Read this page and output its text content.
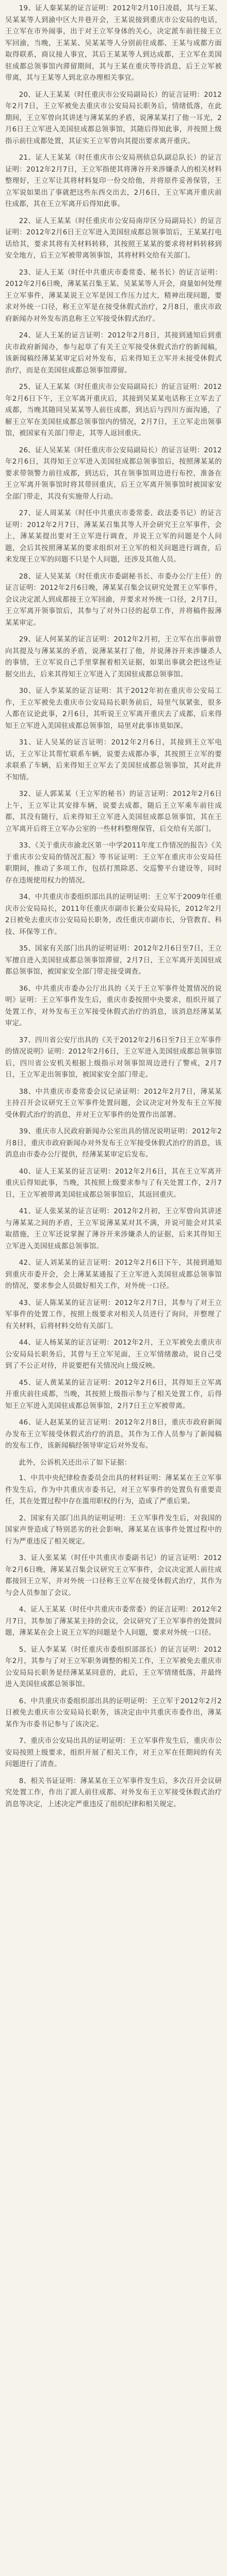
19、证人秦某某的证言证明：2012年2月10日凌晨，其与王某、吴某某等人到渝中区大井巷开会，王某说接到重庆市公安局的电话，王立军在市外闹事，出于对王立军身体的关心，决定派车前往接王立军回渝，当晚，王某某、吴某某等人分别前往成都、王某与成都方面取得联系，商议接人事宜，其后王某某等人到达成都，王立军在美国驻成都总领事馆内滞留期间，其与王某在重庆等待消息，后王立军被带离，其与王某等人到北京办理相关事宜。

20、证人王某某（时任重庆市公安局副局长）的证言证明：2012年2月7日，王立军被免去重庆市公安局局长职务后，情绪低落，在此期间，王立军曾向其讲述与薄某某的矛盾，说薄某某打了他一耳光，2月6日王立军进入美国驻成都总领事馆，其随后得知此事，并按照上级指示前往成都处置，其证实王立军曾向其提出要求离开重庆。

21、证人王某某（时任重庆市公安局刑侦总队副总队长）的证言证明：2012年2月7日，王立军指使其将薄谷开来涉嫌杀人的相关材料整理好，王立军让其将材料复印一份交给他，并将原件妥善保管，王立军说如果出了事就把这些东西交出去，2月6日，王立军离开重庆前往成都，其在王立军离开后得知此事。

22、证人王某某（时任重庆市公安局南岸区分局副局长）的证言证明：2012年2月6日王立军进入美国驻成都总领事馆后，王某某打电话给其，要求其将有关材料转移，其按照王某某的要求将材料转移到安全地方，后王立军被带离领事馆，其将材料交给有关部门。

23、证人王某（时任中共重庆市委常委、秘书长）的证言证明：2012年2月6日晚，薄某某召集王某、吴某某等人开会，商量如何处理王立军事件，薄某某说王立军是因工作压力过大，精神出现问题，要求对外统一口径，称王立军是在接受休假式治疗，2月8日，重庆市政府新闻办对外发布消息称王立军接受休假式治疗。

24、证人王某的证言证明：2012年2月8日，其接到通知后到重庆市政府新闻办，参与起草了有关王立军接受休假式治疗的新闻稿，该新闻稿经薄某某审定后对外发布，后来得知王立军并未接受休假式治疗，而是在美国驻成都总领事馆滞留。

25、证人王某某（时任重庆市公安局副局长）的证言证明：2012年2月6日下午，王立军离开重庆后，其接到吴某某电话称王立军去了成都，当晚其随同吴某某等人前往成都，到达后与四川方面沟通，了解王立军在美国驻成都总领事馆内的情况，2月7日，王立军走出领事馆，被国家有关部门带走，其等人返回重庆。

26、证人吴某某（时任重庆市公安局副局长）的证言证明：2012年2月6日，其得知王立军进入美国驻成都总领事馆后，按照薄某某的要求带领警力前往成都，到达后，其在领事馆周边进行布控，准备在王立军离开领事馆时将其带回重庆，后王立军离开领事馆时被国家安全部门带走，其没有实施带人行动。

27、证人周某某（时任中共重庆市委常委、政法委书记）的证言证明：2012年2月7日，薄某某召集其等人开会研究王立军事件，会上，薄某某提出要对王立军进行调查，并说王立军的问题是个人问题，会后其按照薄某某的要求组织对王立军的相关问题进行调查，后来发现王立军的问题不只是个人问题，还涉及其他人员。

28、证人吴某某（时任重庆市委副秘书长、市委办公厅主任）的证言证明：2012年2月6日晚，薄某某召集会议研究处置王立军事件，会议决定派人到成都接王立军回渝，并要求对外统一口径，2月7日，王立军离开领事馆后，其参与了对外口径的起草工作，并将稿件报薄某某审定。

29、证人何某某的证言证明：2012年2月初，王立军在出事前曾向其提及与薄某某的矛盾，说薄某某打了他，并说薄谷开来涉嫌杀人的事情，王立军说自己手里掌握着相关证据，如果出事就会把这些证据交出去，后来其得知王立军进入了美国驻成都总领事馆。

30、证人李某某的证言证明：其于2012年初在重庆市公安局工作，王立军被免去重庆市公安局局长职务前后，局里气氛紧张，很多人都在议论此事，2月6日，其听说王立军离开重庆去了成都，后来得知王立军进入美国驻成都总领事馆，局里对此事讳莫如深。

31、证人吴某的证言证明：2012年2月6日，其接到王立军电话，王立军让其帮忙联系车辆，说要去成都办事，其按照王立军的要求联系了车辆，后来得知王立军去了美国驻成都总领事馆，其对此并不知情。

32、证人郭某某（王立军的秘书）的证言证明：2012年2月6日上午，王立军让其安排车辆，说要去成都，随后王立军乘车前往成都，其没有随行，后来得知王立军进入美国驻成都总领事馆，其在王立军离开后将王立军办公室的一些材料整理保管，后交给有关部门。

33、《关于重庆市渝北区第一中学2011年度工作情况的报告》《关于重庆市公安局的情况汇报》等书证证明：王立军在重庆市公安局任职期间，推动了多项工作，包括打黑除恶、交巡警平台建设等，同时存在违规使用权力的情况。

34、中共重庆市委组织部出具的证明证明：王立军于2009年任重庆市公安局局长，2011年任重庆市副市长兼公安局局长，2012年2月2日被免去重庆市公安局局长职务，改任重庆市副市长，分管教育、科技、环保等工作。

35、国家有关部门出具的证明证明：2012年2月6日至7日，王立军擅自进入美国驻成都总领事馆滞留，2月7日，王立军离开美国驻成都总领事馆，被国家安全部门带走接受调查。

36、中共重庆市委办公厅出具的《关于王立军事件处置情况的说明》证明：王立军事件发生后，重庆市委按照中央要求，组织开展了处置工作，对外发布王立军接受休假式治疗的消息，该消息经薄某某审定。

37、四川省公安厅出具的《关于2012年2月6日至7日王立军事件的情况说明》证明：2012年2月6日，王立军进入美国驻成都总领事馆后，四川省公安机关根据上级指示对领事馆周边进行了警戒，2月7日，王立军走出领事馆，被国家安全部门带走。

38、中共重庆市委常委会议记录证明：2012年2月7日，薄某某主持召开会议研究王立军事件处置问题，会议决定对外发布王立军接受休假式治疗的消息，并对王立军事件的处置作出部署。

39、重庆市人民政府新闻办公室出具的情况说明证明：2012年2月8日，重庆市政府新闻办对外发布王立军接受休假式治疗的消息，该消息由市委办公厅提供，经薄某某审定后发布。

40、证人王某某的证言证明：2012年2月6日，其在王立军离开重庆后得知此事，当晚，其按照上级要求参与了有关处置工作，2月7日，王立军被带离美国驻成都总领事馆后，其返回重庆。

41、证人张某某的证言证明：2012年2月初，王立军曾向其讲述与薄某某之间的矛盾，王立军说薄某某对其不满，并说可能会对其采取措施，王立军还说掌握了薄谷开来涉嫌杀人的证据，后来其得知王立军进入美国驻成都总领事馆。

42、证人刘某某的证言证明：2012年2月6日下午，其接到通知到重庆市委开会，会上薄某某通报了王立军进入美国驻成都总领事馆的情况，要求参会人员做好相关工作，对外统一口径。

43、证人陈某某的证言证明：2012年2月7日，其参与了对王立军事件的处置工作，按照上级要求对相关人员进行了询问，并整理了有关材料，后将材料交给有关部门。

44、证人杨某某的证言证明：2012年2月，王立军被免去重庆市公安局局长职务后，其曾与王立军见面，王立军情绪激动，说自己受到了不公正对待，并说要把有关情况向上级反映。

45、证人黄某某的证言证明：2012年2月6日，其得知王立军离开重庆前往成都，当晚，其按照上级指示参与了相关处置工作，后得知王立军进入美国驻成都总领事馆，2月7日王立军被带离。

46、证人赵某某的证言证明：2012年2月8日，重庆市政府新闻办发布王立军接受休假式治疗的消息，其作为工作人员参与了新闻稿的发布工作，该新闻稿经领导审定后对外发布。

此外，公诉机关还出示了如下证据：

1、中共中央纪律检查委员会出具的材料证明：薄某某在王立军事件发生后，作为中共重庆市委书记，对王立军事件的处置负有重要责任，其在处置过程中存在滥用职权的行为，造成了严重后果。

2、国家有关部门出具的证明证明：王立军事件发生后，对我国的国家声誉造成了特别恶劣的社会影响，薄某某在该事件处置过程中的行为严重违反了相关规定。

3、证人张某某（时任中共重庆市委副书记）的证言证明：2012年2月6日晚，薄某某召集会议研究王立军事件，会议决定派人前往成都接回王立军，并对外统一口径称王立军在接受休假式治疗，其作为与会人员参加了会议。

4、证人王某某（时任中共重庆市委常委）的证言证明：2012年2月7日，其参加了薄某某主持的会议，会议研究了王立军事件的处置问题，薄某某在会上说王立军的问题是个人问题，要求对外统一口径。

5、证人李某某（时任重庆市委组织部部长）的证言证明：2012年2月，其参与了对王立军职务调整的相关工作，王立军被免去重庆市公安局局长职务是经薄某某同意的，此后，王立军情绪低落，并最终进入美国驻成都总领事馆。

6、中共重庆市委组织部出具的证明证明：王立军于2012年2月2日被免去重庆市公安局局长职务，该决定由中共重庆市委作出，薄某某作为市委书记参与了该决定。

7、重庆市公安局出具的证明证明：王立军事件发生后，重庆市公安局按照上级要求，组织开展了相关工作，对王立军在任期间的有关问题进行了清查。

8、相关书证证明：薄某某在王立军事件发生后，多次召开会议研究处置工作，作出了派人前往成都、对外发布王立军接受休假式治疗消息等决定，上述决定严重违反了组织纪律和相关规定。
